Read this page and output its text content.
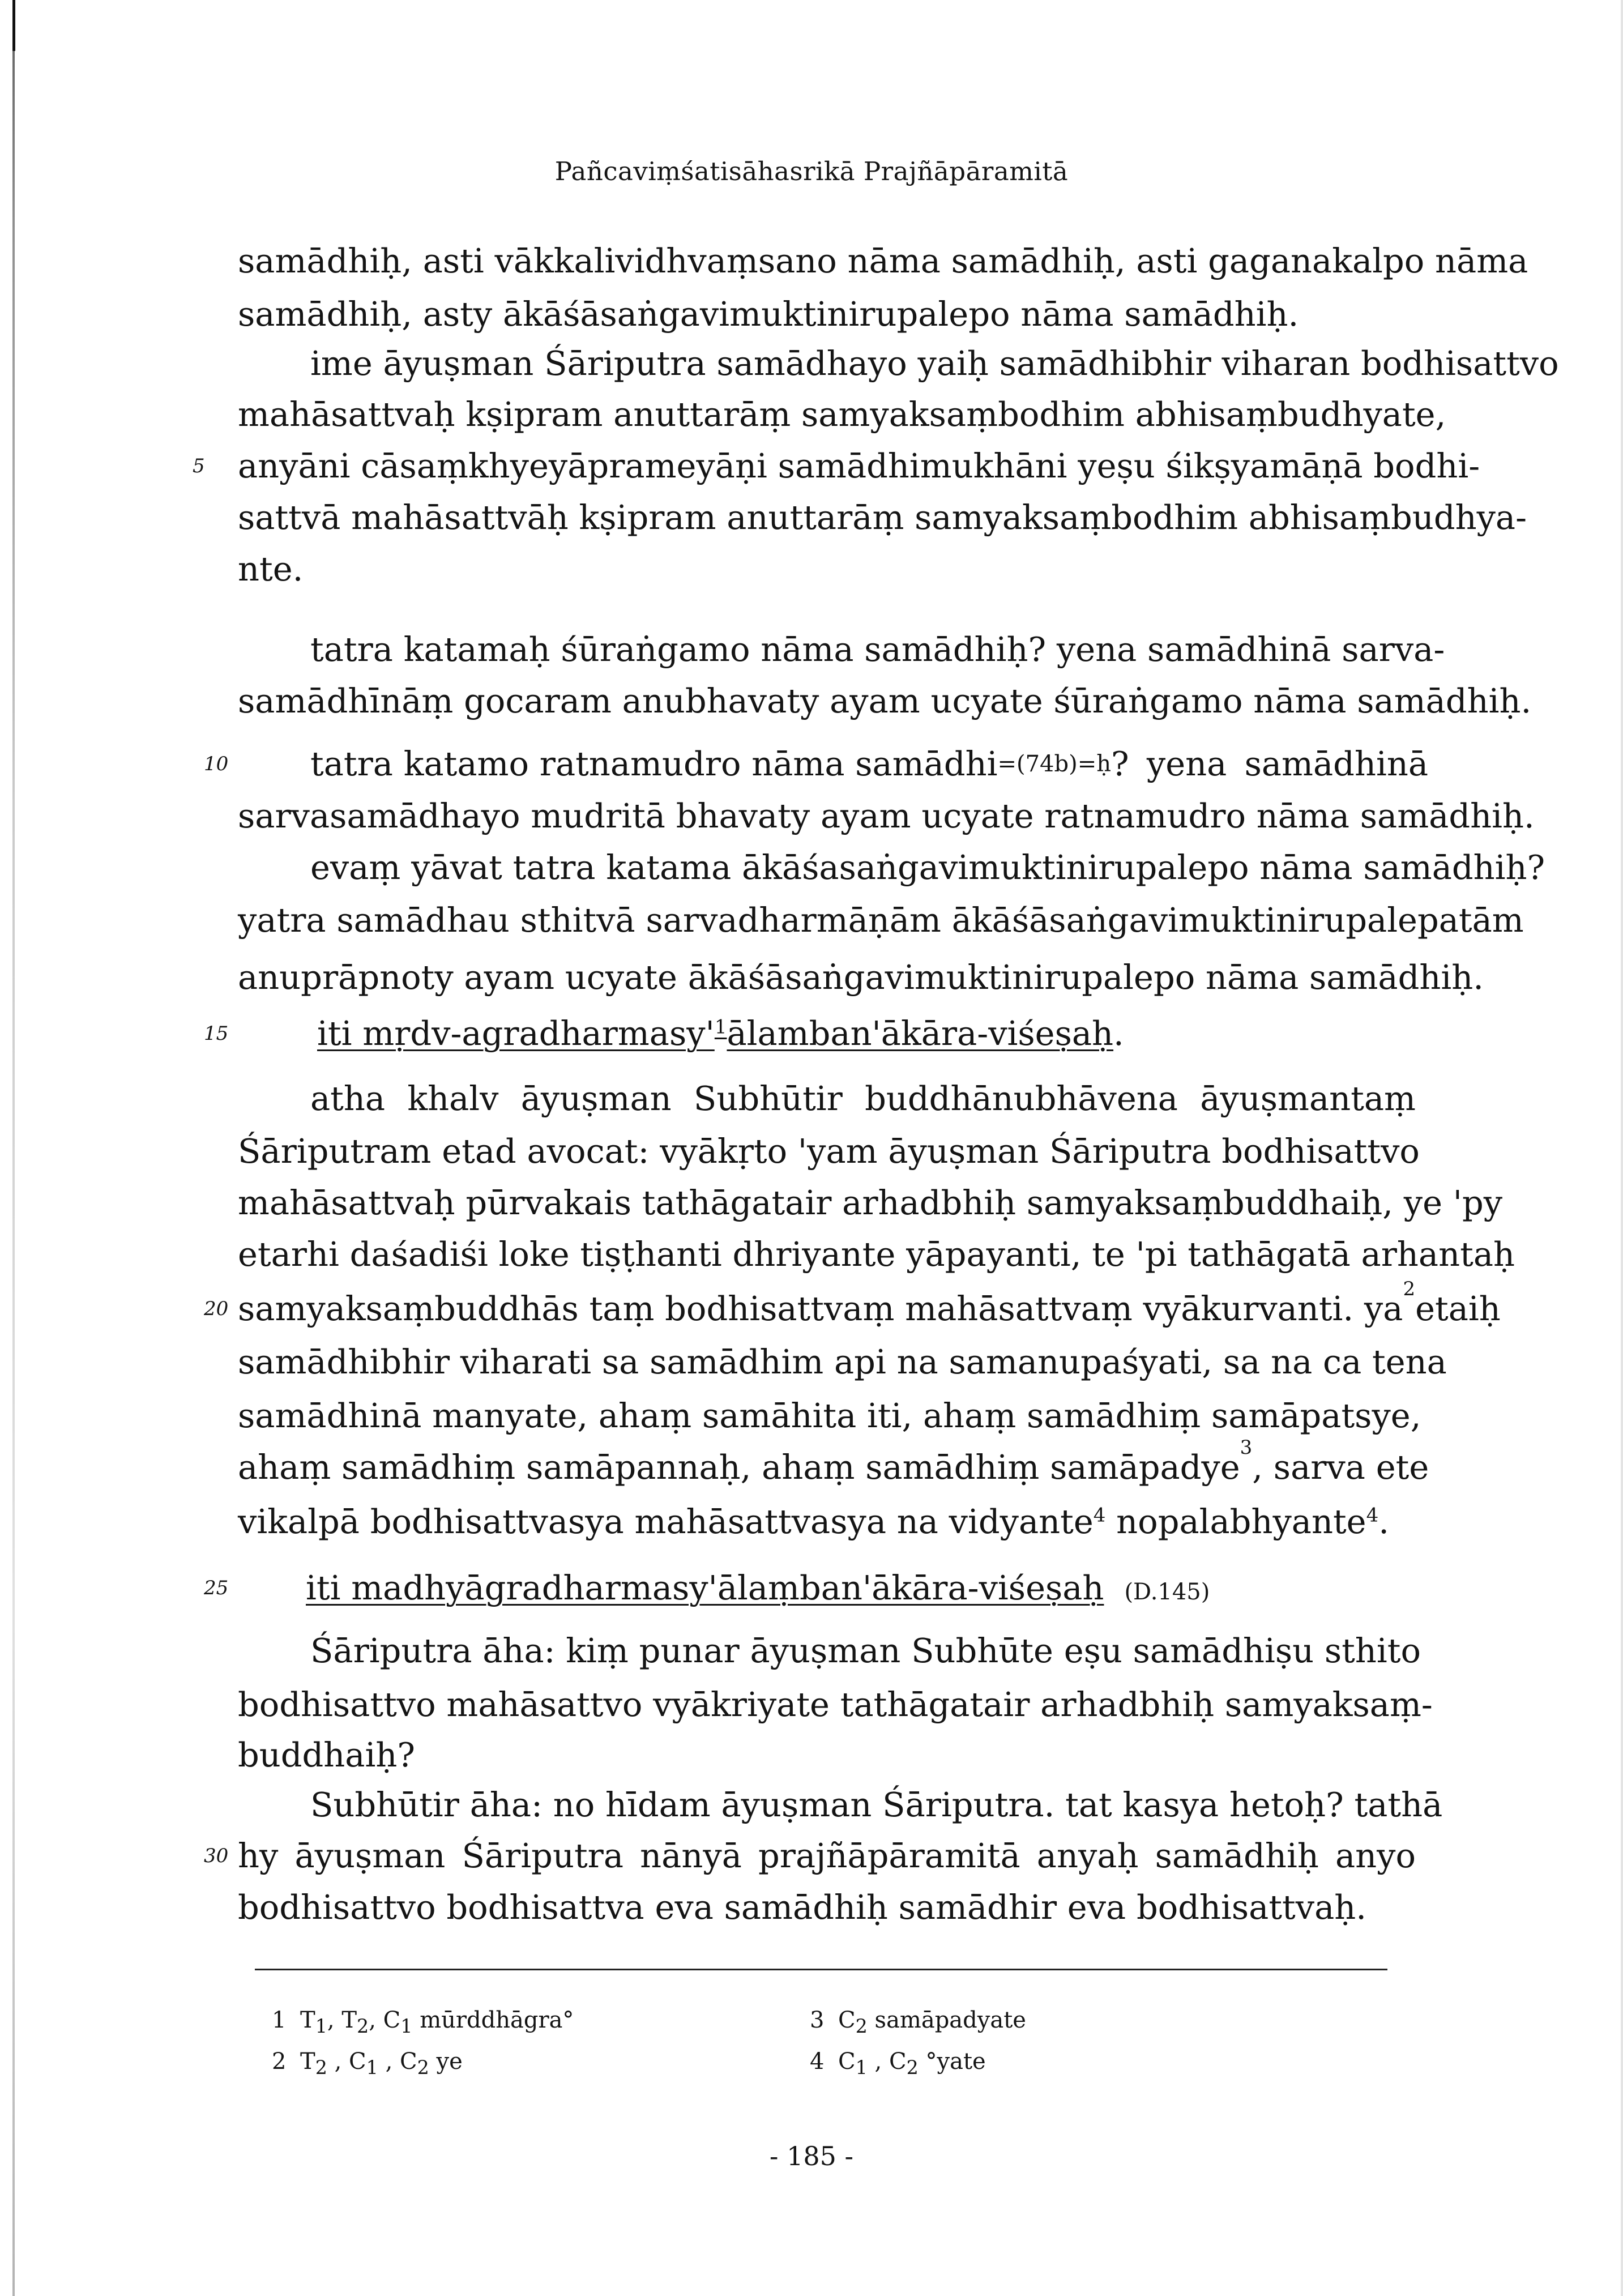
Pañcaviṃśatisāhasrikā Prajñāpāramitā
5
10
15
20
25
30
samādhiḥ, asti vākkalividhvaṃsano nāma samādhiḥ, asti gaganakalpo nāma
samādhiḥ, asty ākāśāsaṅgavimuktinirupalepo nāma samādhiḥ.
ime āyuṣman Śāriputra samādhayo yaiḥ samādhibhir viharan bodhisattvo
mahāsattvaḥ kṣipram anuttarāṃ samyaksaṃbodhim abhisaṃbudhyate,
anyāni cāsaṃkhyeyāprameyāṇi samādhimukhāni yeṣu śikṣyamāṇā bodhi-
sattvā mahāsattvāḥ kṣipram anuttarāṃ samyaksaṃbodhim abhisaṃbudhya-
nte.
tatra katamaḥ śūraṅgamo nāma samādhiḥ? yena samādhinā sarva-
samādhīnāṃ gocaram anubhavaty ayam ucyate śūraṅgamo nāma samādhiḥ.
tatra katamo ratnamudro nāma samādhi =(74b)=ḥ ? yena samādhinā
sarvasamādhayo mudritā bhavaty ayam ucyate ratnamudro nāma samādhiḥ.
evaṃ yāvat tatra katama ākāśasaṅgavimuktinirupalepo nāma samādhiḥ?
yatra samādhau sthitvā sarvadharmāṇām ākāśāsaṅgavimuktinirupalepatām
anuprāpnoty ayam ucyate ākāśāsaṅgavimuktinirupalepo nāma samādhiḥ.
iti mṛdv-$agradharmasy'^1ālamban'ākāra$-viśeṣaḥ.
atha khalv āyuṣman Subhūtir buddhānubhāvena āyuṣmantaṃ
Śāriputram etad avocat: vyākṛto 'yam āyuṣman Śāriputra bodhisattvo
mahāsattvaḥ pūrvakais tathāgatair arhadbhiḥ samyaksaṃbuddhaiḥ, ye 'py
etarhi daśadiśi loke tiṣṭhanti dhriyante yāpayanti, te 'pi tathāgatā arhantaḥ
samyaksaṃbuddhās taṃ bodhisattvaṃ mahāsattvaṃ vyākurvanti. ya 2 etaiḥ
samādhibhir viharati sa samādhim api na samanupaśyati, sa na ca tena
samādhinā manyate, ahaṃ samāhita iti, ahaṃ samādhiṃ samāpatsye,
ahaṃ samādhiṃ samāpannaḥ, ahaṃ samādhiṃ samāpadye 3 , sarva ete
vikalpā bodhisattvasya mahāsattvasya na vidyante$^4$ nopalabhyante$^4$.
iti madhyāgradharmasy'ālaṃban'ākāra-viśeṣaḥ (D.145)
Śāriputra āha: kiṃ punar āyuṣman Subhūte eṣu samādhiṣu sthito
bodhisattvo mahāsattvo vyākriyate tathāgatair arhadbhiḥ samyaksaṃ-
buddhaiḥ?
Subhūtir āha: no hīdam āyuṣman Śāriputra. tat kasya hetoḥ? tathā
hy āyuṣman Śāriputra nānyā prajñāpāramitā anyaḥ samādhiḥ anyo
bodhisattvo bodhisattva eva samādhiḥ samādhir eva bodhisattvaḥ.
1 $T_1$, $T_2$, $C_1$ mūrddhāgra°
2 $T_2$ , $C_1$ , $C_2$ ye
3 $C_2$ samāpadyate
4 $C_1$ , $C_2$ °yate
- 185 -
